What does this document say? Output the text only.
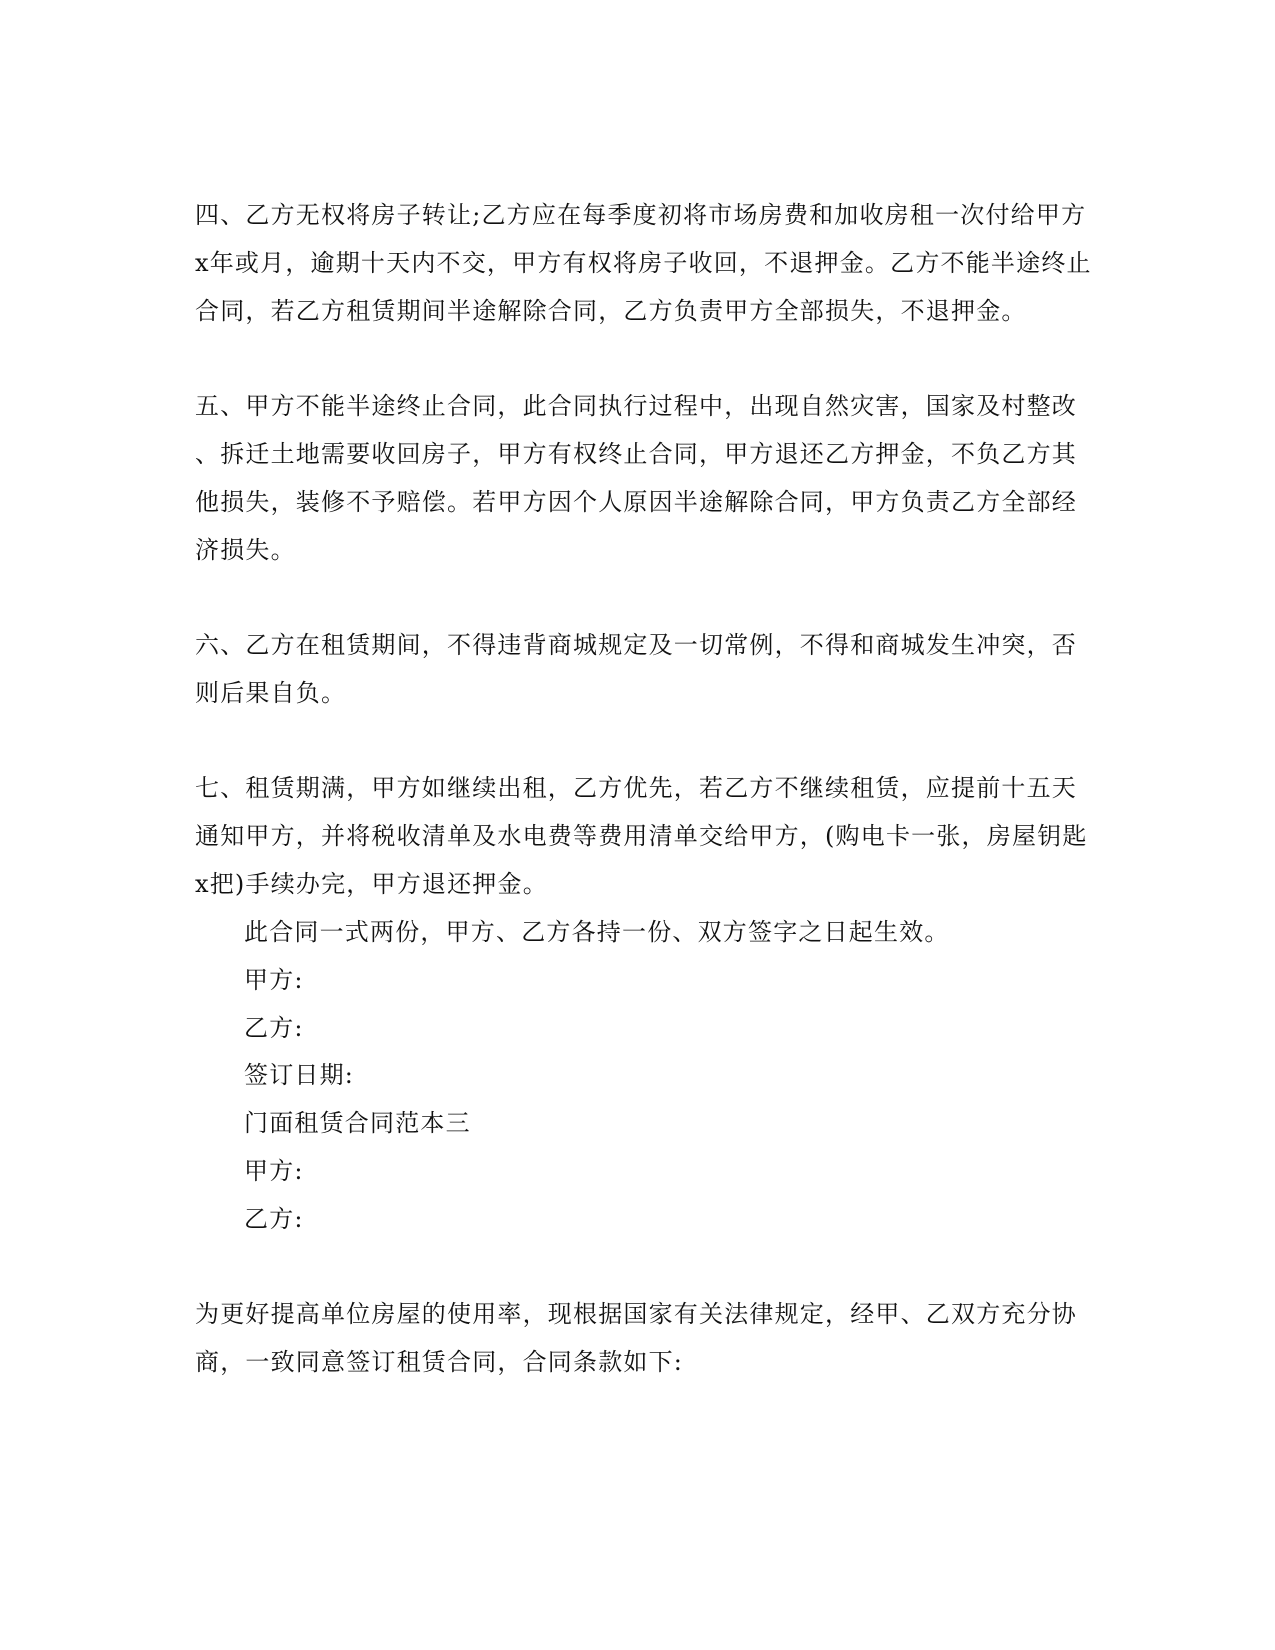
四、乙方无权将房子转让;乙方应在每季度初将市场房费和加收房租一次付给甲方
x年或月，逾期十天内不交，甲方有权将房子收回，不退押金。乙方不能半途终止
合同，若乙方租赁期间半途解除合同，乙方负责甲方全部损失，不退押金。
五、甲方不能半途终止合同，此合同执行过程中，出现自然灾害，国家及村整改
、拆迁土地需要收回房子，甲方有权终止合同，甲方退还乙方押金，不负乙方其
他损失，装修不予赔偿。若甲方因个人原因半途解除合同，甲方负责乙方全部经
济损失。
六、乙方在租赁期间，不得违背商城规定及一切常例，不得和商城发生冲突，否
则后果自负。
七、租赁期满，甲方如继续出租，乙方优先，若乙方不继续租赁，应提前十五天
通知甲方，并将税收清单及水电费等费用清单交给甲方，(购电卡一张，房屋钥匙
x把)手续办完，甲方退还押金。
此合同一式两份，甲方、乙方各持一份、双方签字之日起生效。
甲方:
乙方:
签订日期:
门面租赁合同范本三
甲方:
乙方:
为更好提高单位房屋的使用率，现根据国家有关法律规定，经甲、乙双方充分协
商，一致同意签订租赁合同，合同条款如下:
